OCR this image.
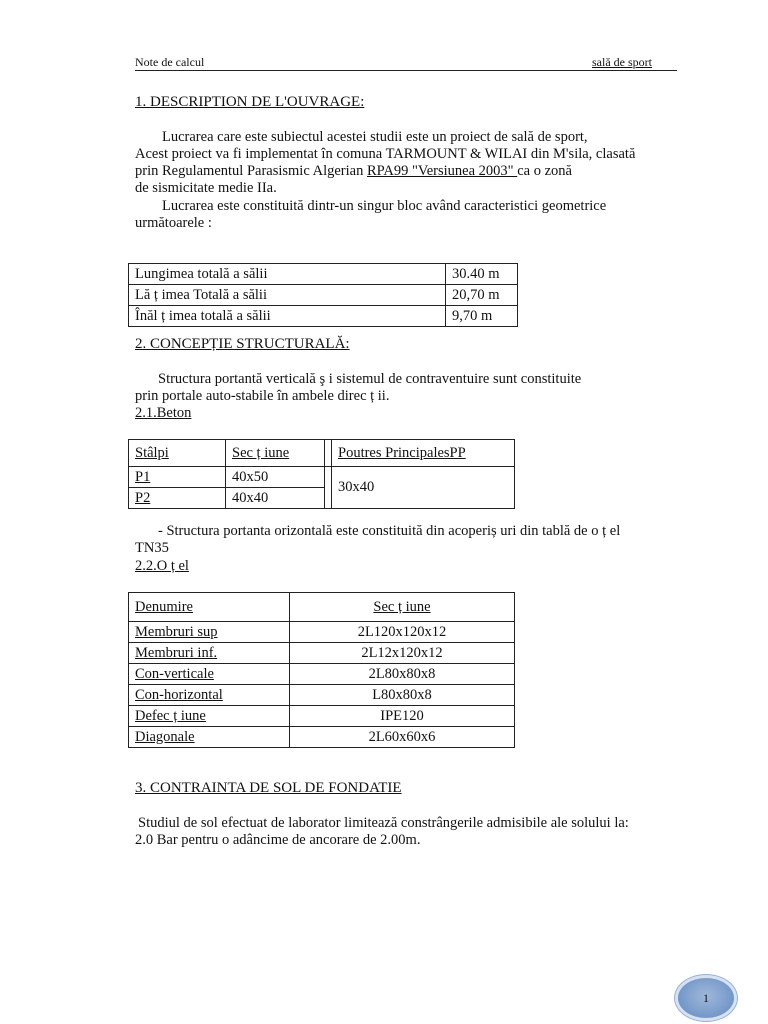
Note de calcul	sală de sport
1. DESCRIPTION DE L'OUVRAGE:
Lucrarea care este subiectul acestei studii este un proiect de sală de sport,
Acest proiect va fi implementat în comuna TARMOUNT & WILAI din M'sila, clasată
prin Regulamentul Parasismic Algerian RPA99 "Versiunea 2003" ca o zonă
de sismicitate medie IIa.
Lucrarea este constituită dintr-un singur bloc având caracteristici geometrice
următoarele :
Lungimea totală a sălii	30.40 m
Lă ț imea Totală a sălii	20,70 m
Înăl ț imea totală a sălii	9,70 m
2. CONCEPȚIE STRUCTURALĂ:
Structura portantă verticală ş i sistemul de contraventuire sunt constituite
prin portale auto-stabile în ambele direc ț ii.
2.1.Beton
Stâlpi	Sec ț iune		Poutres PrincipalesPP
P1	40x50		30x40
P2	40x40		
- Structura portanta orizontală este constituită din acoperiș uri din tablă de o ț el
TN35
2.2.O ț el
Denumire	Sec ț iune
Membruri sup	2L120x120x12
Membruri inf.	2L12x120x12
Con-verticale	2L80x80x8
Con-horizontal	L80x80x8
Defec ț iune	IPE120
Diagonale	2L60x60x6
3. CONTRAINTA DE SOL DE FONDATIE
Studiul de sol efectuat de laborator limitează constrângerile admisibile ale solului la:
2.0 Bar pentru o adâncime de ancorare de 2.00m.
1
